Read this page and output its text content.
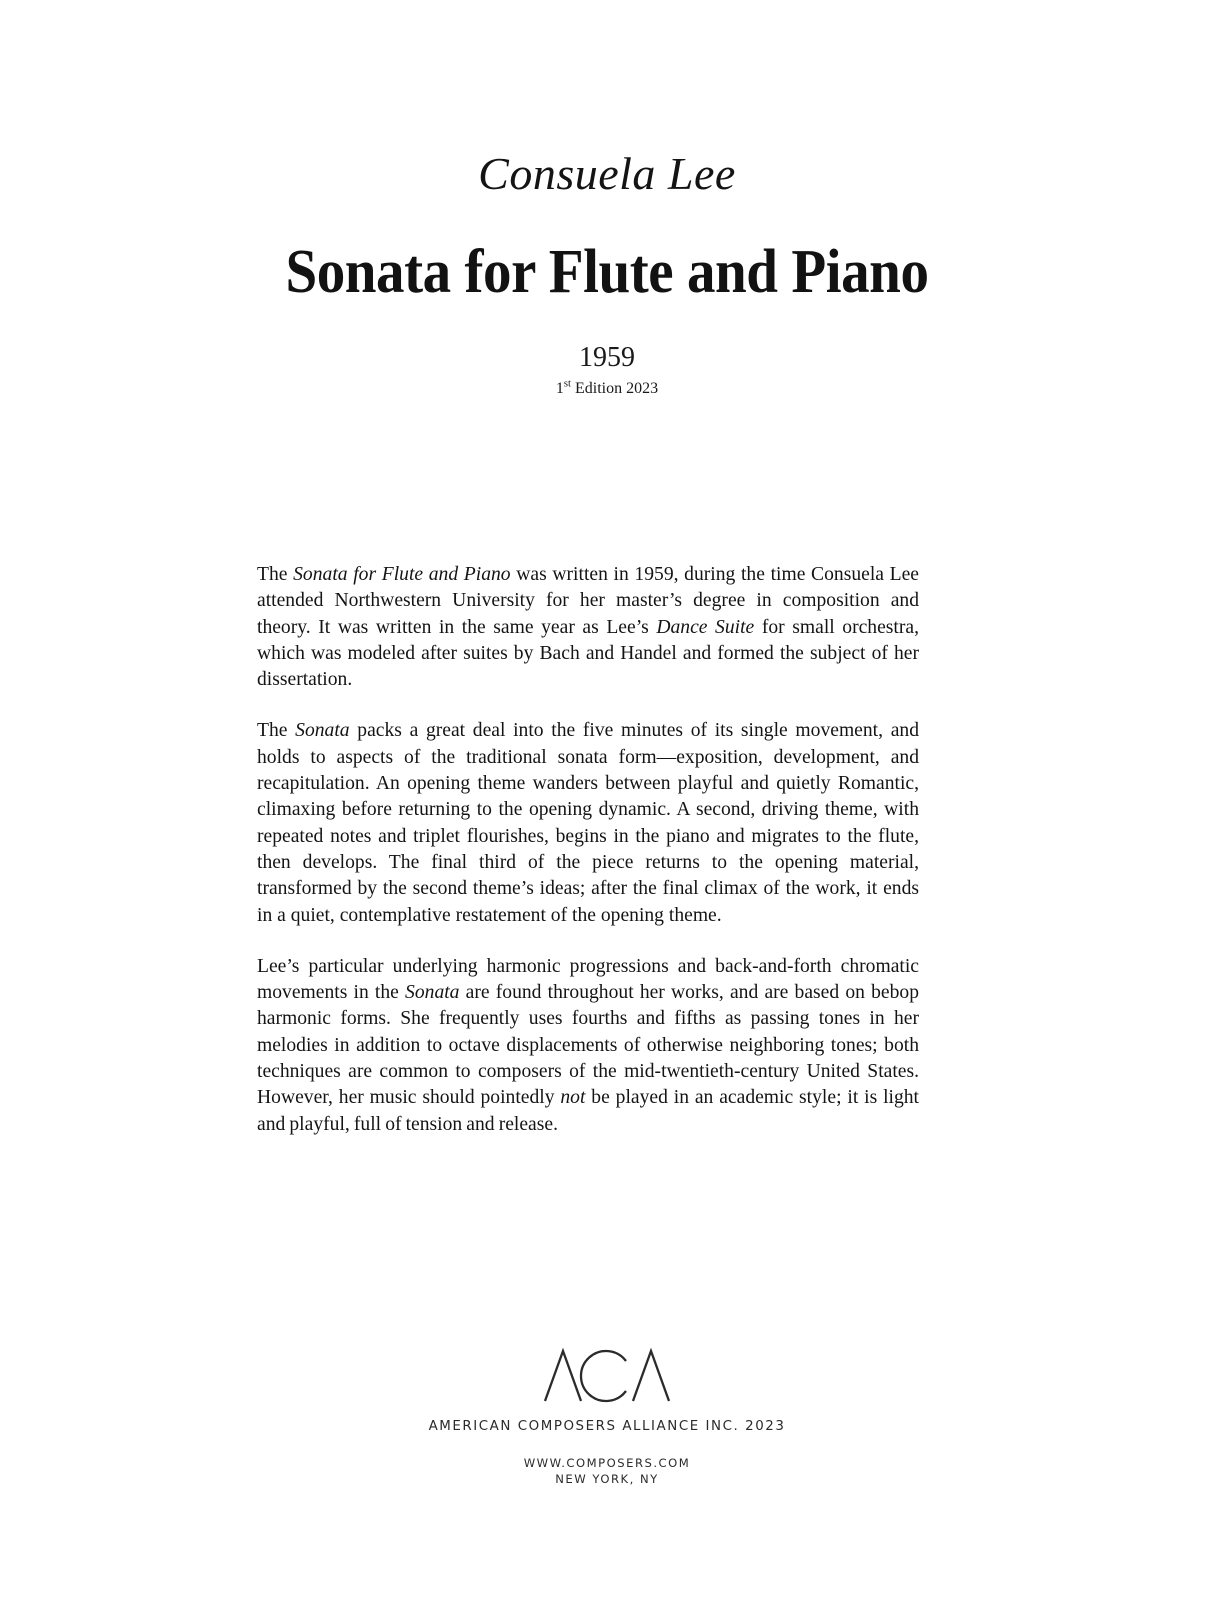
Consuela Lee
Sonata for Flute and Piano
1959
1st Edition 2023

The Sonata for Flute and Piano was written in 1959, during the time Consuela Lee attended Northwestern University for her master’s degree in composition and theory. It was written in the same year as Lee’s Dance Suite for small orchestra, which was modeled after suites by Bach and Handel and formed the subject of her dissertation.

The Sonata packs a great deal into the five minutes of its single movement, and holds to aspects of the traditional sonata form—exposition, development, and recapitulation. An opening theme wanders between playful and quietly Romantic, climaxing before returning to the opening dynamic. A second, driving theme, with repeated notes and triplet flourishes, begins in the piano and migrates to the flute, then develops. The final third of the piece returns to the opening material, transformed by the second theme’s ideas; after the final climax of the work, it ends in a quiet, contemplative restatement of the opening theme.

Lee’s particular underlying harmonic progressions and back-and-forth chromatic movements in the Sonata are found throughout her works, and are based on bebop harmonic forms. She frequently uses fourths and fifths as passing tones in her melodies in addition to octave displacements of otherwise neighboring tones; both techniques are common to composers of the mid-twentieth-century United States. However, her music should pointedly not be played in an academic style; it is light and playful, full of tension and release.

AMERICAN COMPOSERS ALLIANCE INC. 2023
WWW.COMPOSERS.COM
NEW YORK, NY
